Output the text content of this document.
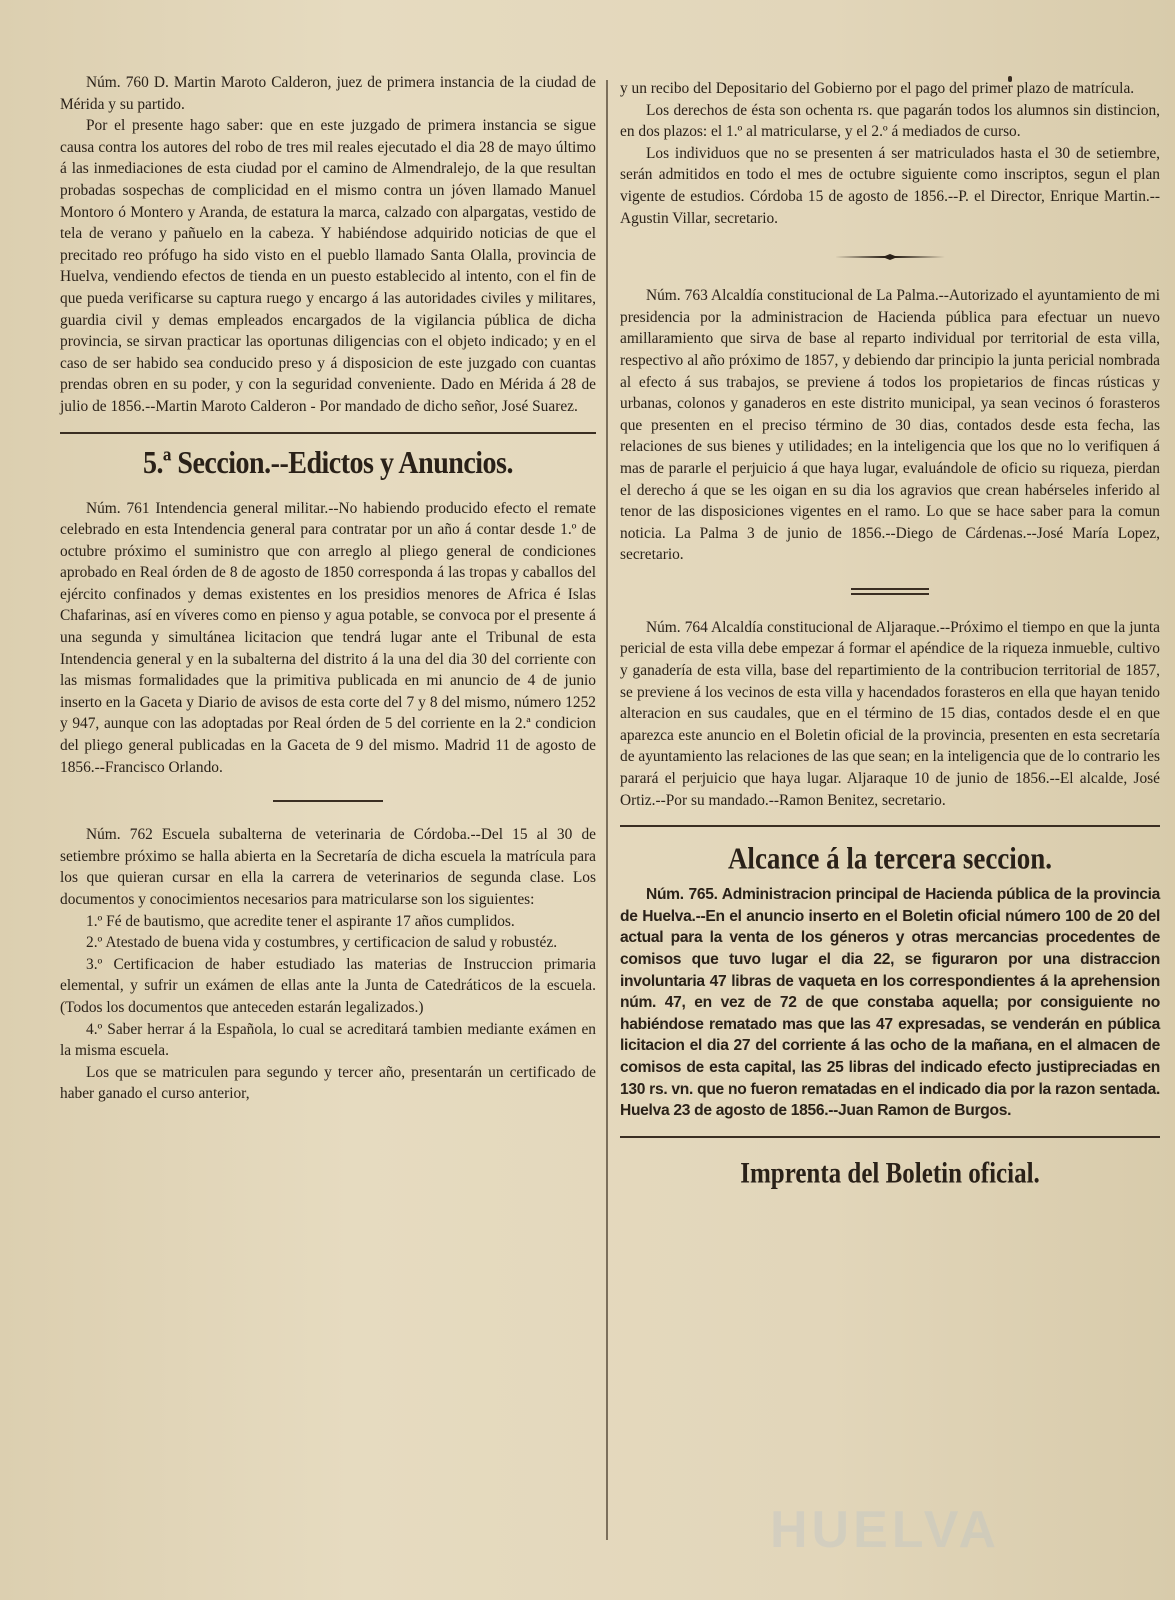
Núm. 760 D. Martin Maroto Calderon, juez de primera instancia de la ciudad de Mérida y su partido.

Por el presente hago saber: que en este juzgado de primera instancia se sigue causa contra los autores del robo de tres mil reales ejecutado el dia 28 de mayo último á las inmediaciones de esta ciudad por el camino de Almendralejo, de la que resultan probadas sospechas de complicidad en el mismo contra un jóven llamado Manuel Montoro ó Montero y Aranda, de estatura la marca, calzado con alpargatas, vestido de tela de verano y pañuelo en la cabeza. Y habiéndose adquirido noticias de que el precitado reo prófugo ha sido visto en el pueblo llamado Santa Olalla, provincia de Huelva, vendiendo efectos de tienda en un puesto establecido al intento, con el fin de que pueda verificarse su captura ruego y encargo á las autoridades civiles y militares, guardia civil y demas empleados encargados de la vigilancia pública de dicha provincia, se sirvan practicar las oportunas diligencias con el objeto indicado; y en el caso de ser habido sea conducido preso y á disposicion de este juzgado con cuantas prendas obren en su poder, y con la seguridad conveniente. Dado en Mérida á 28 de julio de 1856.--Martin Maroto Calderon - Por mandado de dicho señor, José Suarez.

5.ª Seccion.--Edictos y Anuncios.

Núm. 761 Intendencia general militar.--No habiendo producido efecto el remate celebrado en esta Intendencia general para contratar por un año á contar desde 1.º de octubre próximo el suministro que con arreglo al pliego general de condiciones aprobado en Real órden de 8 de agosto de 1850 corresponda á las tropas y caballos del ejército confinados y demas existentes en los presidios menores de Africa é Islas Chafarinas, así en víveres como en pienso y agua potable, se convoca por el presente á una segunda y simultánea licitacion que tendrá lugar ante el Tribunal de esta Intendencia general y en la subalterna del distrito á la una del dia 30 del corriente con las mismas formalidades que la primitiva publicada en mi anuncio de 4 de junio inserto en la Gaceta y Diario de avisos de esta corte del 7 y 8 del mismo, número 1252 y 947, aunque con las adoptadas por Real órden de 5 del corriente en la 2.ª condicion del pliego general publicadas en la Gaceta de 9 del mismo. Madrid 11 de agosto de 1856.--Francisco Orlando.

Núm. 762 Escuela subalterna de veterinaria de Córdoba.--Del 15 al 30 de setiembre próximo se halla abierta en la Secretaría de dicha escuela la matrícula para los que quieran cursar en ella la carrera de veterinarios de segunda clase. Los documentos y conocimientos necesarios para matricularse son los siguientes:

1.º Fé de bautismo, que acredite tener el aspirante 17 años cumplidos.

2.º Atestado de buena vida y costumbres, y certificacion de salud y robustéz.

3.º Certificacion de haber estudiado las materias de Instruccion primaria elemental, y sufrir un exámen de ellas ante la Junta de Catedráticos de la escuela. (Todos los documentos que anteceden estarán legalizados.)

4.º Saber herrar á la Española, lo cual se acreditará tambien mediante exámen en la misma escuela.

Los que se matriculen para segundo y tercer año, presentarán un certificado de haber ganado el curso anterior,

y un recibo del Depositario del Gobierno por el pago del primer plazo de matrícula.

Los derechos de ésta son ochenta rs. que pagarán todos los alumnos sin distincion, en dos plazos: el 1.º al matricularse, y el 2.º á mediados de curso.

Los individuos que no se presenten á ser matriculados hasta el 30 de setiembre, serán admitidos en todo el mes de octubre siguiente como inscriptos, segun el plan vigente de estudios. Córdoba 15 de agosto de 1856.--P. el Director, Enrique Martin.--Agustin Villar, secretario.

Núm. 763 Alcaldía constitucional de La Palma.--Autorizado el ayuntamiento de mi presidencia por la administracion de Hacienda pública para efectuar un nuevo amillaramiento que sirva de base al reparto individual por territorial de esta villa, respectivo al año próximo de 1857, y debiendo dar principio la junta pericial nombrada al efecto á sus trabajos, se previene á todos los propietarios de fincas rústicas y urbanas, colonos y ganaderos en este distrito municipal, ya sean vecinos ó forasteros que presenten en el preciso término de 30 dias, contados desde esta fecha, las relaciones de sus bienes y utilidades; en la inteligencia que los que no lo verifiquen á mas de pararle el perjuicio á que haya lugar, evaluándole de oficio su riqueza, pierdan el derecho á que se les oigan en su dia los agravios que crean habérseles inferido al tenor de las disposiciones vigentes en el ramo. Lo que se hace saber para la comun noticia. La Palma 3 de junio de 1856.--Diego de Cárdenas.--José María Lopez, secretario.

Núm. 764 Alcaldía constitucional de Aljaraque.--Próximo el tiempo en que la junta pericial de esta villa debe empezar á formar el apéndice de la riqueza inmueble, cultivo y ganadería de esta villa, base del repartimiento de la contribucion territorial de 1857, se previene á los vecinos de esta villa y hacendados forasteros en ella que hayan tenido alteracion en sus caudales, que en el término de 15 dias, contados desde el en que aparezca este anuncio en el Boletin oficial de la provincia, presenten en esta secretaría de ayuntamiento las relaciones de las que sean; en la inteligencia que de lo contrario les parará el perjuicio que haya lugar. Aljaraque 10 de junio de 1856.--El alcalde, José Ortiz.--Por su mandado.--Ramon Benitez, secretario.

Alcance á la tercera seccion.

Núm. 765. Administracion principal de Hacienda pública de la provincia de Huelva.--En el anuncio inserto en el Boletin oficial número 100 de 20 del actual para la venta de los géneros y otras mercancias procedentes de comisos que tuvo lugar el dia 22, se figuraron por una distraccion involuntaria 47 libras de vaqueta en los correspondientes á la aprehension núm. 47, en vez de 72 de que constaba aquella; por consiguiente no habiéndose rematado mas que las 47 expresadas, se venderán en pública licitacion el dia 27 del corriente á las ocho de la mañana, en el almacen de comisos de esta capital, las 25 libras del indicado efecto justipreciadas en 130 rs. vn. que no fueron rematadas en el indicado dia por la razon sentada. Huelva 23 de agosto de 1856.--Juan Ramon de Burgos.

Imprenta del Boletin oficial.
HUELVA
